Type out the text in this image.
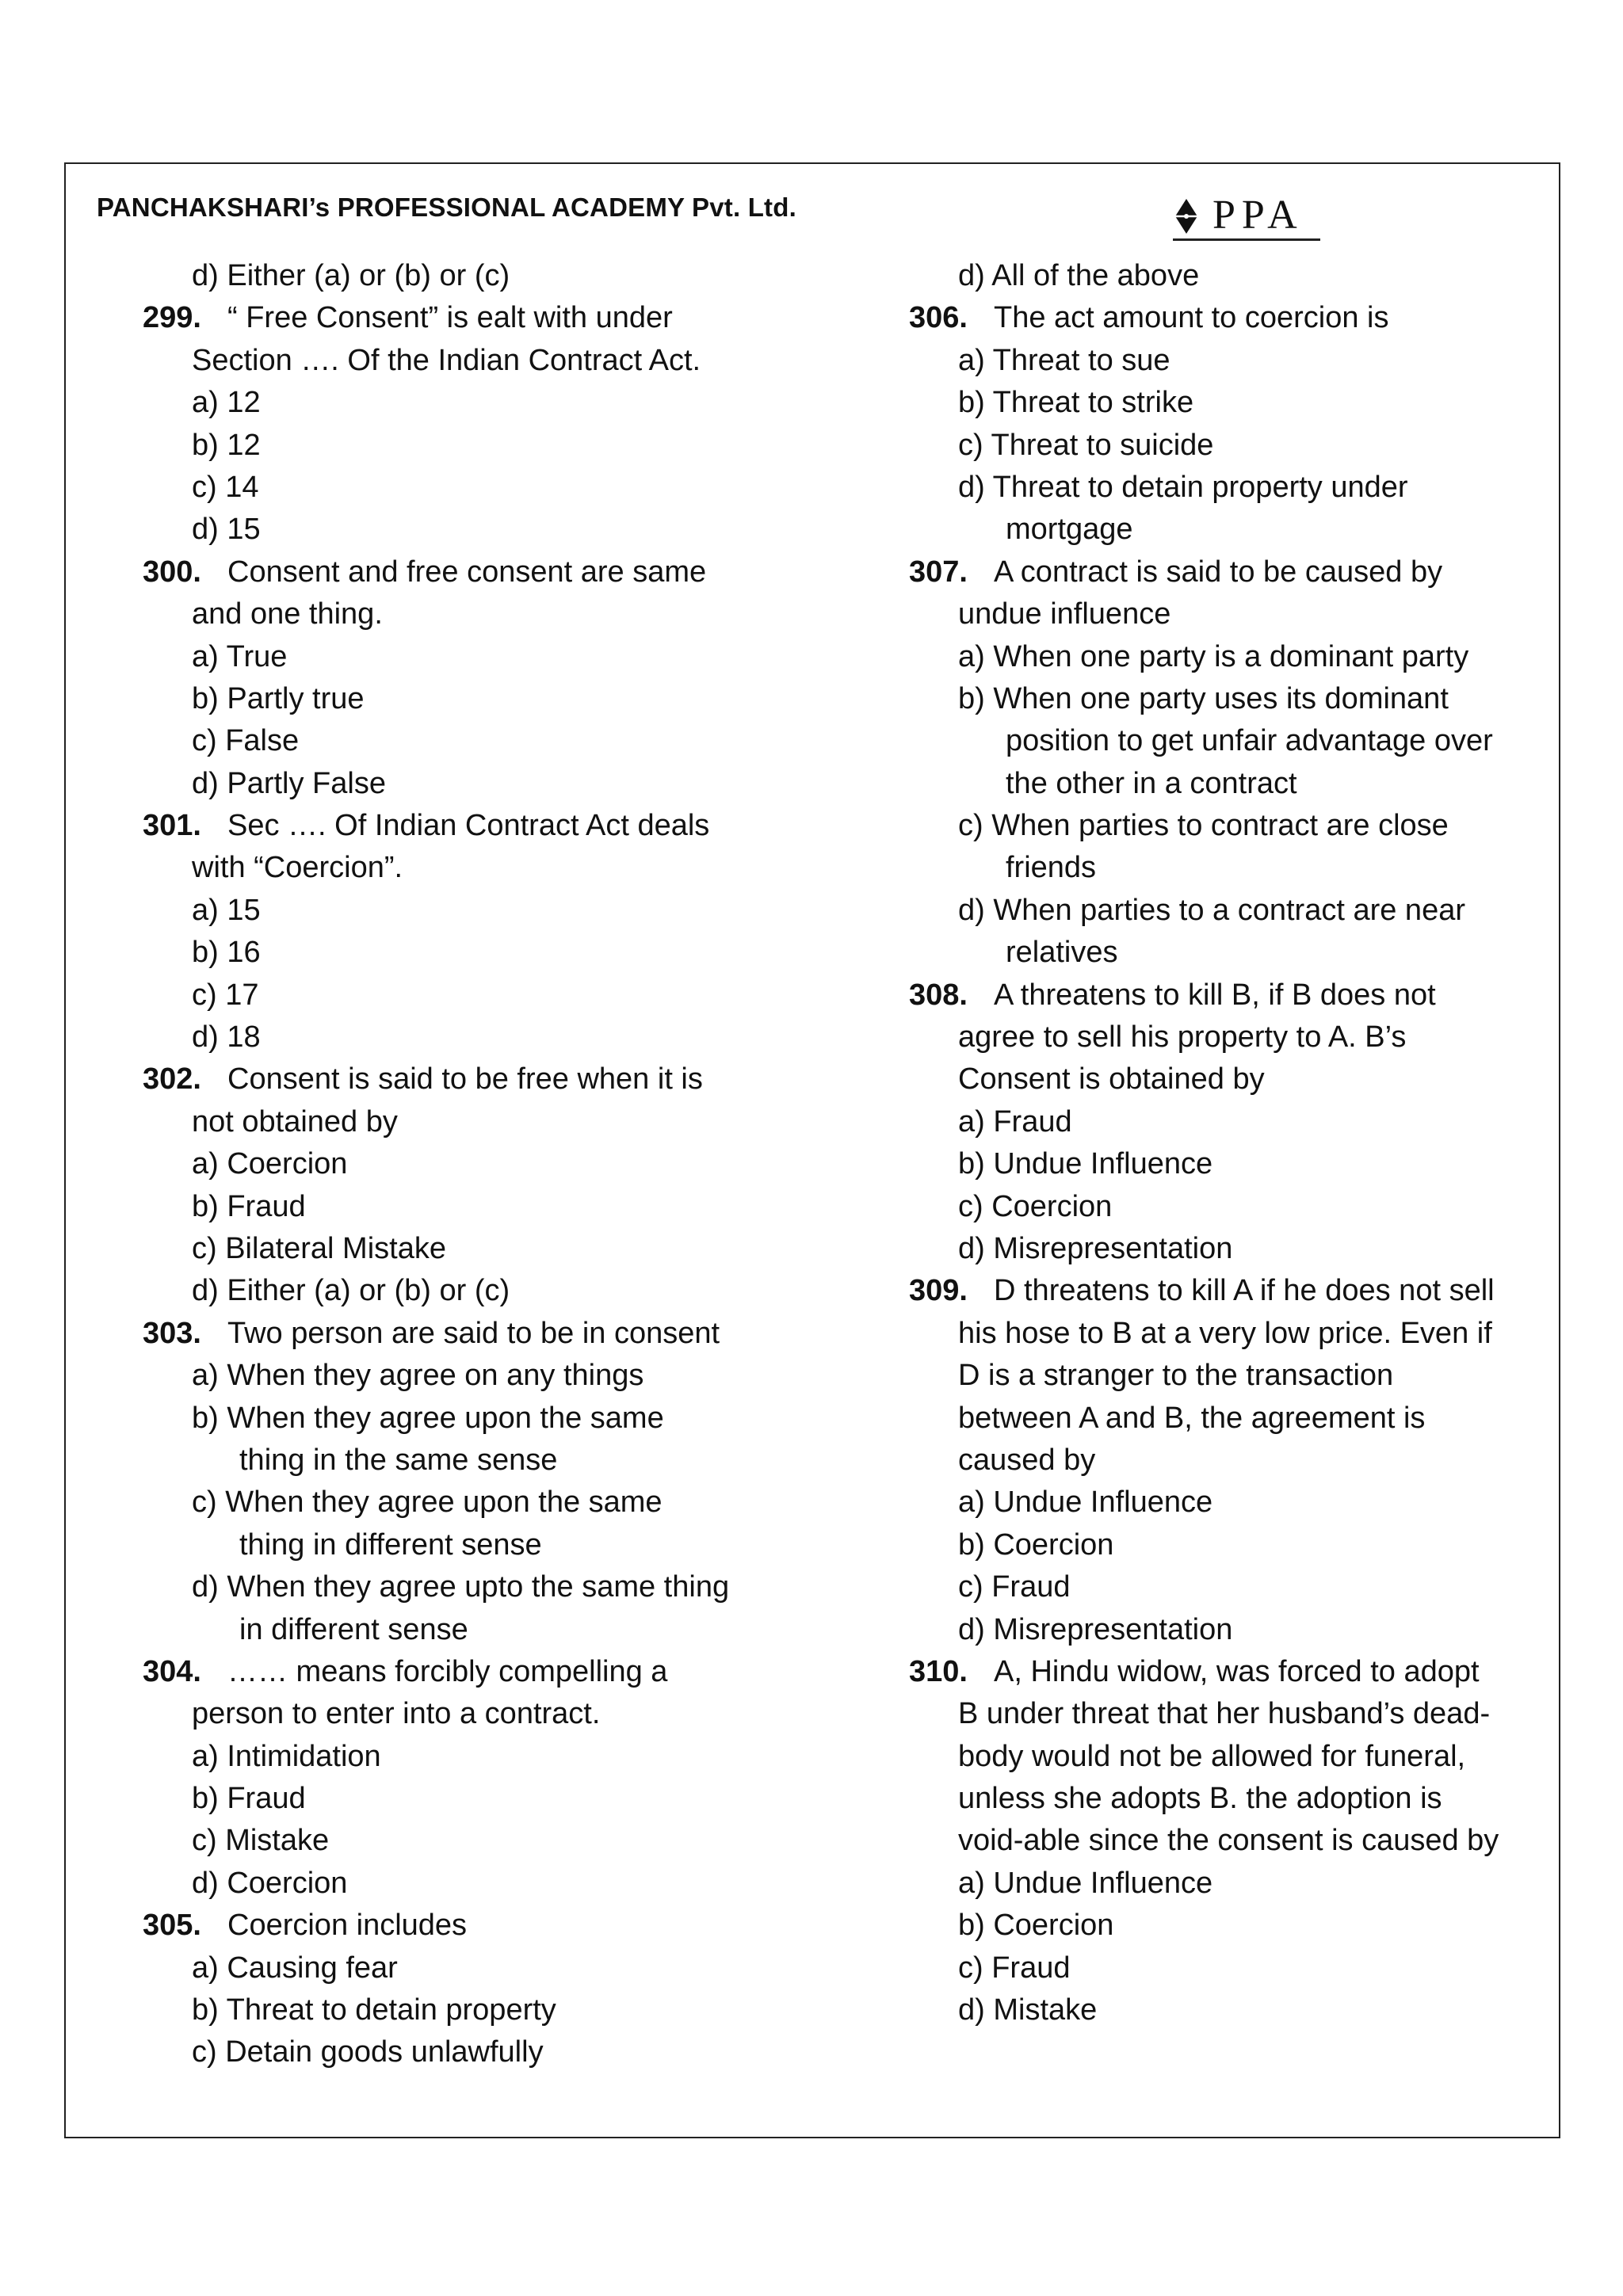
PANCHAKSHARI’s PROFESSIONAL ACADEMY Pvt. Ltd.	PPA
d) Either (a) or (b) or (c)
299. “ Free Consent” is ealt with under
Section …. Of the Indian Contract Act.
a) 12
b) 12
c) 14
d) 15
300. Consent and free consent are same
and one thing.
a) True
b) Partly true
c) False
d) Partly False
301. Sec …. Of Indian Contract Act deals
with “Coercion”.
a) 15
b) 16
c) 17
d) 18
302. Consent is said to be free when it is
not obtained by
a) Coercion
b) Fraud
c) Bilateral Mistake
d) Either (a) or (b) or (c)
303. Two person are said to be in consent
a) When they agree on any things
b) When they agree upon the same
thing in the same sense
c) When they agree upon the same
thing in different sense
d) When they agree upto the same thing
in different sense
304. …… means forcibly compelling a
person to enter into a contract.
a) Intimidation
b) Fraud
c) Mistake
d) Coercion
305. Coercion includes
a) Causing fear
b) Threat to detain property
c) Detain goods unlawfully
d) All of the above
306. The act amount to coercion is
a) Threat to sue
b) Threat to strike
c) Threat to suicide
d) Threat to detain property under
mortgage
307. A contract is said to be caused by
undue influence
a) When one party is a dominant party
b) When one party uses its dominant
position to get unfair advantage over
the other in a contract
c) When parties to contract are close
friends
d) When parties to a contract are near
relatives
308. A threatens to kill B, if B does not
agree to sell his property to A. B’s
Consent is obtained by
a) Fraud
b) Undue Influence
c) Coercion
d) Misrepresentation
309. D threatens to kill A if he does not sell
his hose to B at a very low price. Even if
D is a stranger to the transaction
between A and B, the agreement is
caused by
a) Undue Influence
b) Coercion
c) Fraud
d) Misrepresentation
310. A, Hindu widow, was forced to adopt
B under threat that her husband’s dead-
body would not be allowed for funeral,
unless she adopts B. the adoption is
void-able since the consent is caused by
a) Undue Influence
b) Coercion
c) Fraud
d) Mistake
